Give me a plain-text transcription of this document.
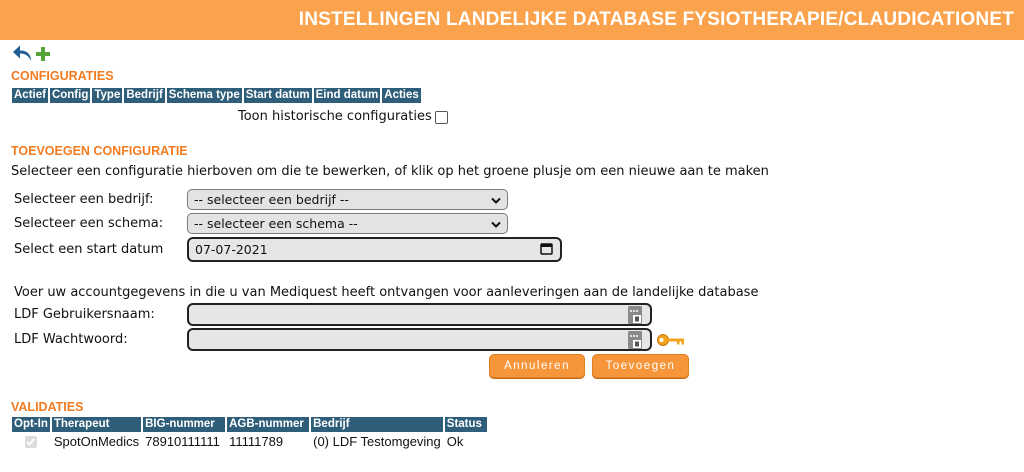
INSTELLINGEN LANDELIJKE DATABASE FYSIOTHERAPIE/CLAUDICATIONET
CONFIGURATIES
Actief	Config	Type	Bedrijf	Schema type	Start datum	Eind datum	Acties
Toon historische configuraties
TOEVOEGEN CONFIGURATIE
Selecteer een configuratie hierboven om die te bewerken, of klik op het groene plusje om een nieuwe aan te maken
Selecteer een bedrijf:	-- selecteer een bedrijf --
Selecteer een schema: -- selecteer een schema --
Select een start datum	07-07-2021
Voer uw accountgegevens in die u van Mediquest heeft ontvangen voor aanleveringen aan de landelijke database
LDF Gebruikersnaam:
LDF Wachtwoord:
Annuleren	Toevoegen
VALIDATIES
Opt-In	Therapeut	BIG-nummer	AGB-nummer	Bedrijf	Status

	SpotOnMedics	78910111111	11111789	(0) LDF Testomgeving	Ok
